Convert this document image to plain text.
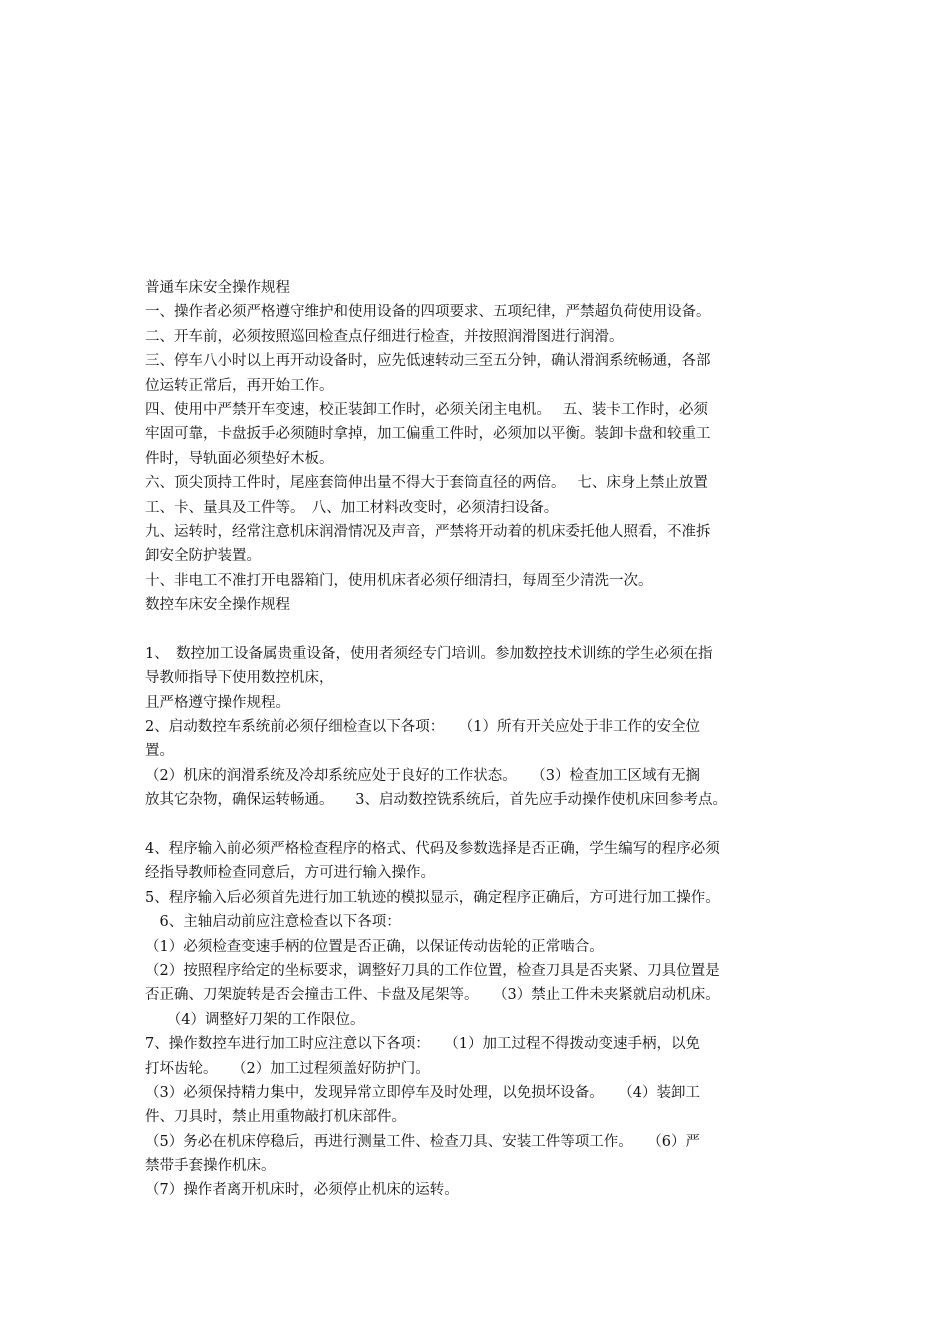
普通车床安全操作规程
一、操作者必须严格遵守维护和使用设备的四项要求、五项纪律，严禁超负荷使用设备。
二、开车前，必须按照巡回检查点仔细进行检查，并按照润滑图进行润滑。
三、停车八小时以上再开动设备时，应先低速转动三至五分钟，确认滑润系统畅通，各部
位运转正常后，再开始工作。
四、使用中严禁开车变速，校正装卸工作时，必须关闭主电机。　 五、装卡工作时，必须
牢固可靠，卡盘扳手必须随时拿掉，加工偏重工件时，必须加以平衡。装卸卡盘和较重工
件时，导轨面必须垫好木板。
六、顶尖顶持工件时，尾座套筒伸出量不得大于套筒直径的两倍。　 七、床身上禁止放置
工、卡、量具及工件等。　八、加工材料改变时，必须清扫设备。
九、运转时，经常注意机床润滑情况及声音，严禁将开动着的机床委托他人照看，不准拆
卸安全防护装置。
十、非电工不准打开电器箱门，使用机床者必须仔细清扫，每周至少清洗一次。
数控车床安全操作规程
1、　数控加工设备属贵重设备，使用者须经专门培训。参加数控技术训练的学生必须在指
导教师指导下使用数控机床，
且严格遵守操作规程。
2、启动数控车系统前必须仔细检查以下各项：　　（1）所有开关应处于非工作的安全位
置。
（2）机床的润滑系统及冷却系统应处于良好的工作状态。　　（3）检查加工区域有无搁
放其它杂物，确保运转畅通。　　3、启动数控铣系统后，首先应手动操作使机床回参考点。
4、程序输入前必须严格检查程序的格式、代码及参数选择是否正确，学生编写的程序必须
经指导教师检查同意后，方可进行输入操作。
5、程序输入后必须首先进行加工轨迹的模拟显示，确定程序正确后，方可进行加工操作。
　6、主轴启动前应注意检查以下各项：
（1）必须检查变速手柄的位置是否正确，以保证传动齿轮的正常啮合。
（2）按照程序给定的坐标要求，调整好刀具的工作位置，检查刀具是否夹紧、刀具位置是
否正确、刀架旋转是否会撞击工件、卡盘及尾架等。　　（3）禁止工件未夹紧就启动机床。
　　（4）调整好刀架的工作限位。
7、操作数控车进行加工时应注意以下各项：　　（1）加工过程不得拨动变速手柄，以免
打坏齿轮。　　（2）加工过程须盖好防护门。
（3）必须保持精力集中，发现异常立即停车及时处理，以免损坏设备。　　（4）装卸工
件、刀具时，禁止用重物敲打机床部件。
（5）务必在机床停稳后，再进行测量工件、检查刀具、安装工件等项工作。　　（6）严
禁带手套操作机床。
（7）操作者离开机床时，必须停止机床的运转。
